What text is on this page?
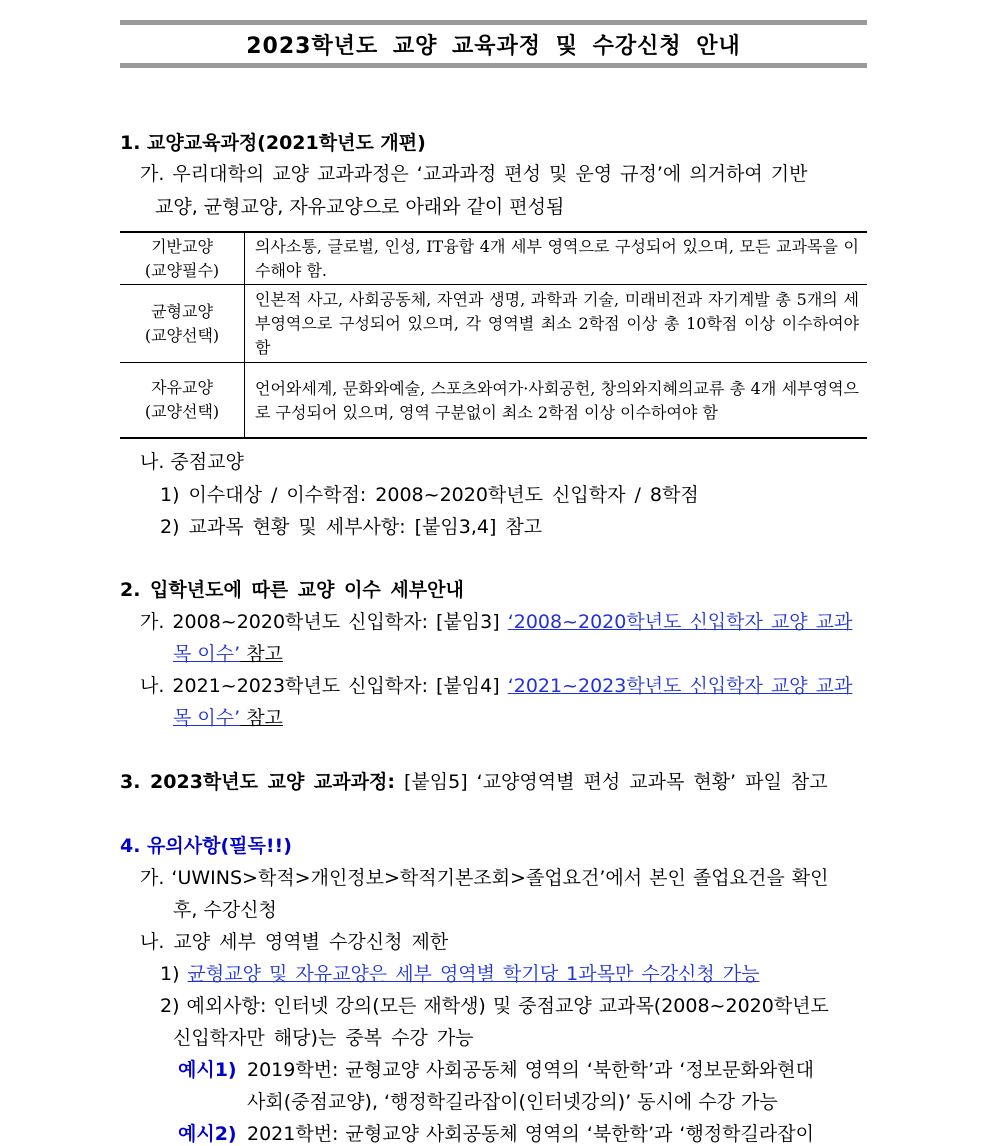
2023학년도 교양 교육과정 및 수강신청 안내
1. 교양교육과정(2021학년도 개편)
가. 우리대학의 교양 교과과정은 ‘교과과정 편성 및 운영 규정’에 의거하여 기반
교양, 균형교양, 자유교양으로 아래와 같이 편성됨
기반교양
(교양필수)	의사소통, 글로벌, 인성, IT융합 4개 세부 영역으로 구성되어 있으며, 모든 교과목을 이수해야 함.

균형교양
(교양선택)	인본적 사고, 사회공동체, 자연과 생명, 과학과 기술, 미래비전과 자기계발 총 5개의 세부영역으로 구성되어 있으며, 각 영역별 최소 2학점 이상 총 10학점 이상 이수하여야 함

자유교양
(교양선택)	언어와세계, 문화와예술, 스포츠와여가·사회공헌, 창의와지혜의교류 총 4개 세부영역으로 구성되어 있으며, 영역 구분없이 최소 2학점 이상 이수하여야 함
나. 중점교양
1) 이수대상 / 이수학점: 2008~2020학년도 신입학자 / 8학점
2) 교과목 현황 및 세부사항: [붙임3,4] 참고
2. 입학년도에 따른 교양 이수 세부안내
가. 2008~2020학년도 신입학자: [붙임3] ‘2008~2020학년도 신입학자 교양 교과
목 이수’ 참고
나. 2021~2023학년도 신입학자: [붙임4] ‘2021~2023학년도 신입학자 교양 교과
목 이수’ 참고
3. 2023학년도 교양 교과과정: [붙임5] ‘교양영역별 편성 교과목 현황’ 파일 참고
4. 유의사항(필독!!)
가. ‘UWINS>학적>개인정보>학적기본조회>졸업요건’에서 본인 졸업요건을 확인
후, 수강신청
나. 교양 세부 영역별 수강신청 제한
1) 균형교양 및 자유교양은 세부 영역별 학기당 1과목만 수강신청 가능
2) 예외사항: 인터넷 강의(모든 재학생) 및 중점교양 교과목(2008~2020학년도
신입학자만 해당)는 중복 수강 가능
예시1) 2019학번: 균형교양 사회공동체 영역의 ‘북한학’과 ‘정보문화와현대
사회(중점교양), ‘행정학길라잡이(인터넷강의)’ 동시에 수강 가능
예시2) 2021학번: 균형교양 사회공동체 영역의 ‘북한학’과 ‘행정학길라잡이
